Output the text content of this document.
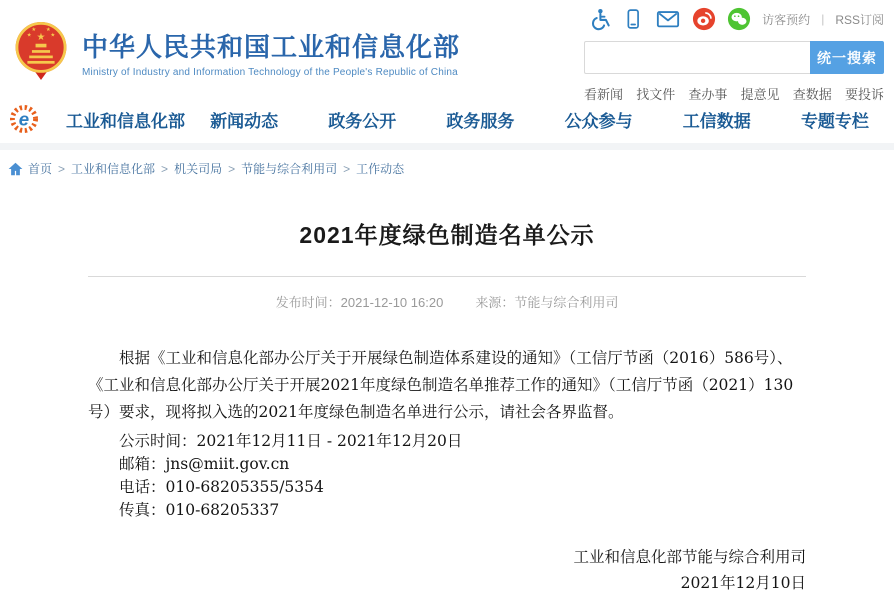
★
★	★
★ ★
中华人民共和国工业和信息化部
Ministry of Industry and Information Technology of the People's Republic of China
访客预约 | RSS订阅
统一搜索
看新闻 找文件 查办事 提意见 查数据 要投诉
e 工业和信息化部	新闻动态	政务公开	政务服务	公众参与	工信数据	专题专栏
首页 > 工业和信息化部 > 机关司局 > 节能与综合利用司 > 工作动态
2021年度绿色制造名单公示
发布时间：2021-12-10 16:20 来源：节能与综合利用司

根据《工业和信息化部办公厅关于开展绿色制造体系建设的通知》（工信厅节函（2016）586号）、《工业和信息化部办公厅关于开展2021年度绿色制造名单推荐工作的通知》（工信厅节函（2021）130号）要求，现将拟入选的2021年度绿色制造名单进行公示，请社会各界监督。

公示时间：2021年12月11日 - 2021年12月20日

邮箱：jns@miit.gov.cn

电话：010-68205355/5354

传真：010-68205337

工业和信息化部节能与综合利用司
2021年12月10日
